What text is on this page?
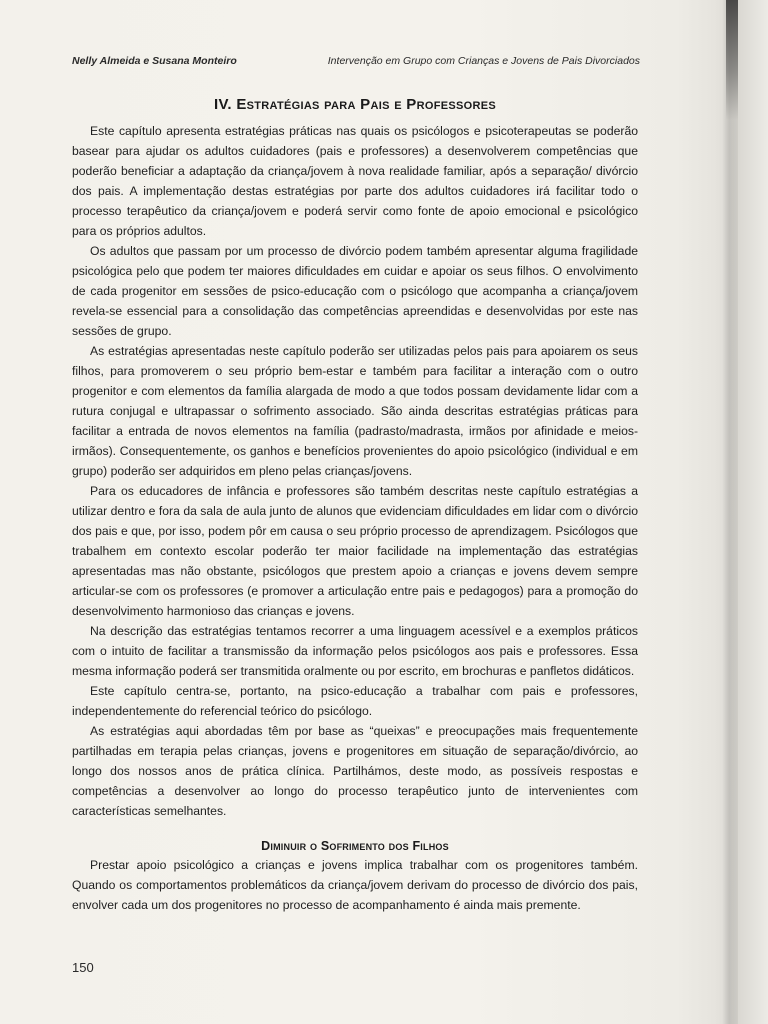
Nelly Almeida e Susana Monteiro	Intervenção em Grupo com Crianças e Jovens de Pais Divorciados
IV. Estratégias para Pais e Professores

Este capítulo apresenta estratégias práticas nas quais os psicólogos e psicoterapeutas se poderão basear para ajudar os adultos cuidadores (pais e professores) a desenvolverem competências que poderão beneficiar a adaptação da criança/jovem à nova realidade familiar, após a separação/ divórcio dos pais. A implementação destas estratégias por parte dos adultos cuidadores irá facilitar todo o processo terapêutico da criança/jovem e poderá servir como fonte de apoio emocional e psicológico para os próprios adultos.

Os adultos que passam por um processo de divórcio podem também apresentar alguma fragilidade psicológica pelo que podem ter maiores dificuldades em cuidar e apoiar os seus filhos. O envolvimento de cada progenitor em sessões de psico-educação com o psicólogo que acompanha a criança/jovem revela-se essencial para a consolidação das competências apreendidas e desenvolvidas por este nas sessões de grupo.

As estratégias apresentadas neste capítulo poderão ser utilizadas pelos pais para apoiarem os seus filhos, para promoverem o seu próprio bem-estar e também para facilitar a interação com o outro progenitor e com elementos da família alargada de modo a que todos possam devidamente lidar com a rutura conjugal e ultrapassar o sofrimento associado. São ainda descritas estratégias práticas para facilitar a entrada de novos elementos na família (padrasto/madrasta, irmãos por afinidade e meios-irmãos). Consequentemente, os ganhos e benefícios provenientes do apoio psicológico (individual e em grupo) poderão ser adquiridos em pleno pelas crianças/jovens.

Para os educadores de infância e professores são também descritas neste capítulo estratégias a utilizar dentro e fora da sala de aula junto de alunos que evidenciam dificuldades em lidar com o divórcio dos pais e que, por isso, podem pôr em causa o seu próprio processo de aprendizagem. Psicólogos que trabalhem em contexto escolar poderão ter maior facilidade na implementação das estratégias apresentadas mas não obstante, psicólogos que prestem apoio a crianças e jovens devem sempre articular-se com os professores (e promover a articulação entre pais e pedagogos) para a promoção do desenvolvimento harmonioso das crianças e jovens.

Na descrição das estratégias tentamos recorrer a uma linguagem acessível e a exemplos práticos com o intuito de facilitar a transmissão da informação pelos psicólogos aos pais e professores. Essa mesma informação poderá ser transmitida oralmente ou por escrito, em brochuras e panfletos didáticos.

Este capítulo centra-se, portanto, na psico-educação a trabalhar com pais e professores, independentemente do referencial teórico do psicólogo.

As estratégias aqui abordadas têm por base as “queixas” e preocupações mais frequentemente partilhadas em terapia pelas crianças, jovens e progenitores em situação de separação/divórcio, ao longo dos nossos anos de prática clínica. Partilhámos, deste modo, as possíveis respostas e competências a desenvolver ao longo do processo terapêutico junto de intervenientes com características semelhantes.

Diminuir o Sofrimento dos Filhos

Prestar apoio psicológico a crianças e jovens implica trabalhar com os progenitores também. Quando os comportamentos problemáticos da criança/jovem derivam do processo de divórcio dos pais, envolver cada um dos progenitores no processo de acompanhamento é ainda mais premente.

150
